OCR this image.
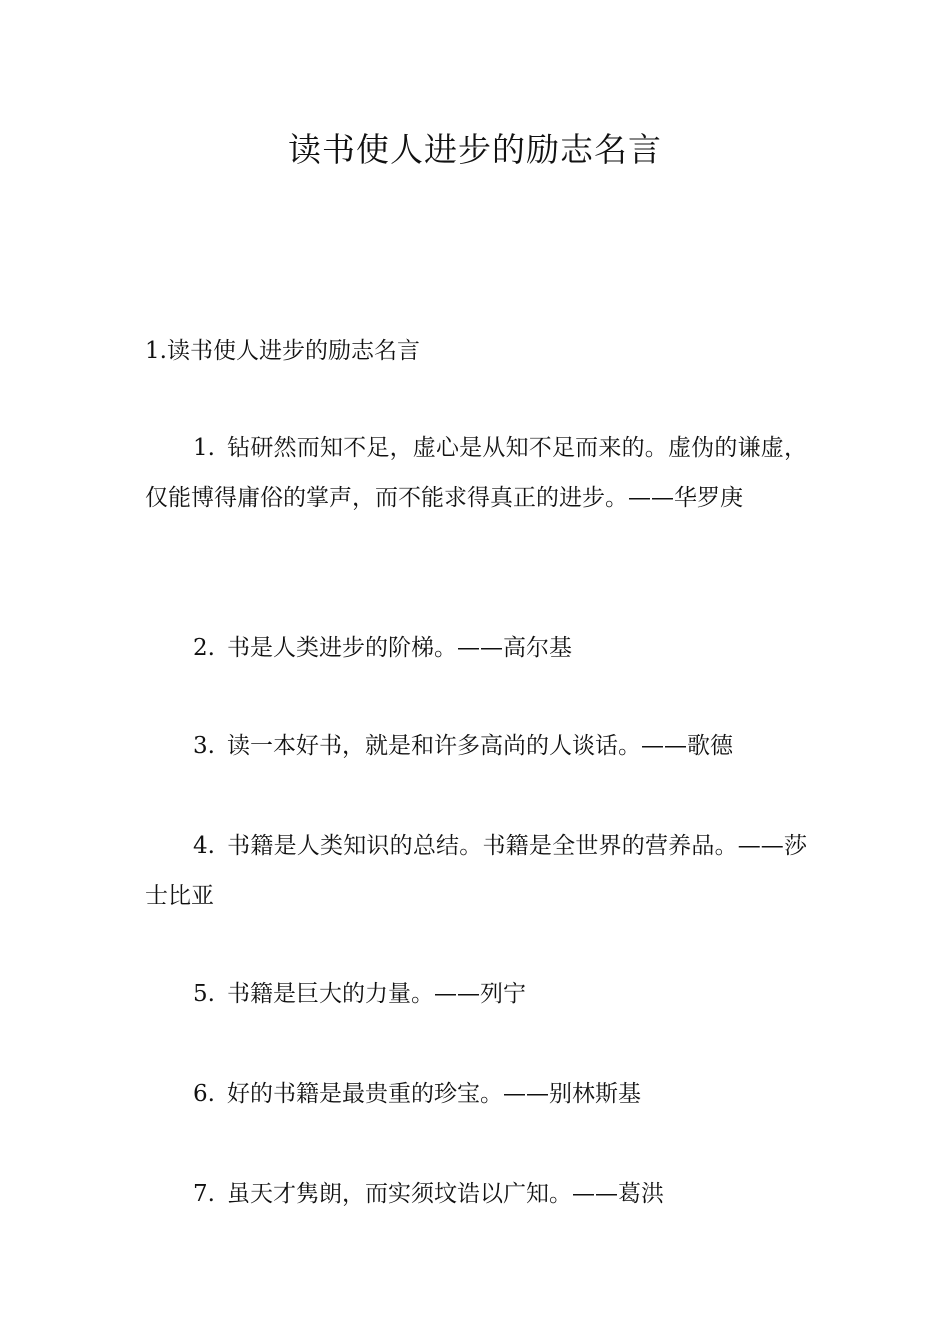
读书使人进步的励志名言

1.读书使人进步的励志名言

1. 钻研然而知不足，虚心是从知不足而来的。虚伪的谦虚，仅能博得庸俗的掌声，而不能求得真正的进步。——华罗庚

2. 书是人类进步的阶梯。——高尔基

3. 读一本好书，就是和许多高尚的人谈话。——歌德

4. 书籍是人类知识的总结。书籍是全世界的营养品。——莎士比亚

5. 书籍是巨大的力量。——列宁

6. 好的书籍是最贵重的珍宝。——别林斯基

7. 虽天才隽朗，而实须坟诰以广知。——葛洪
